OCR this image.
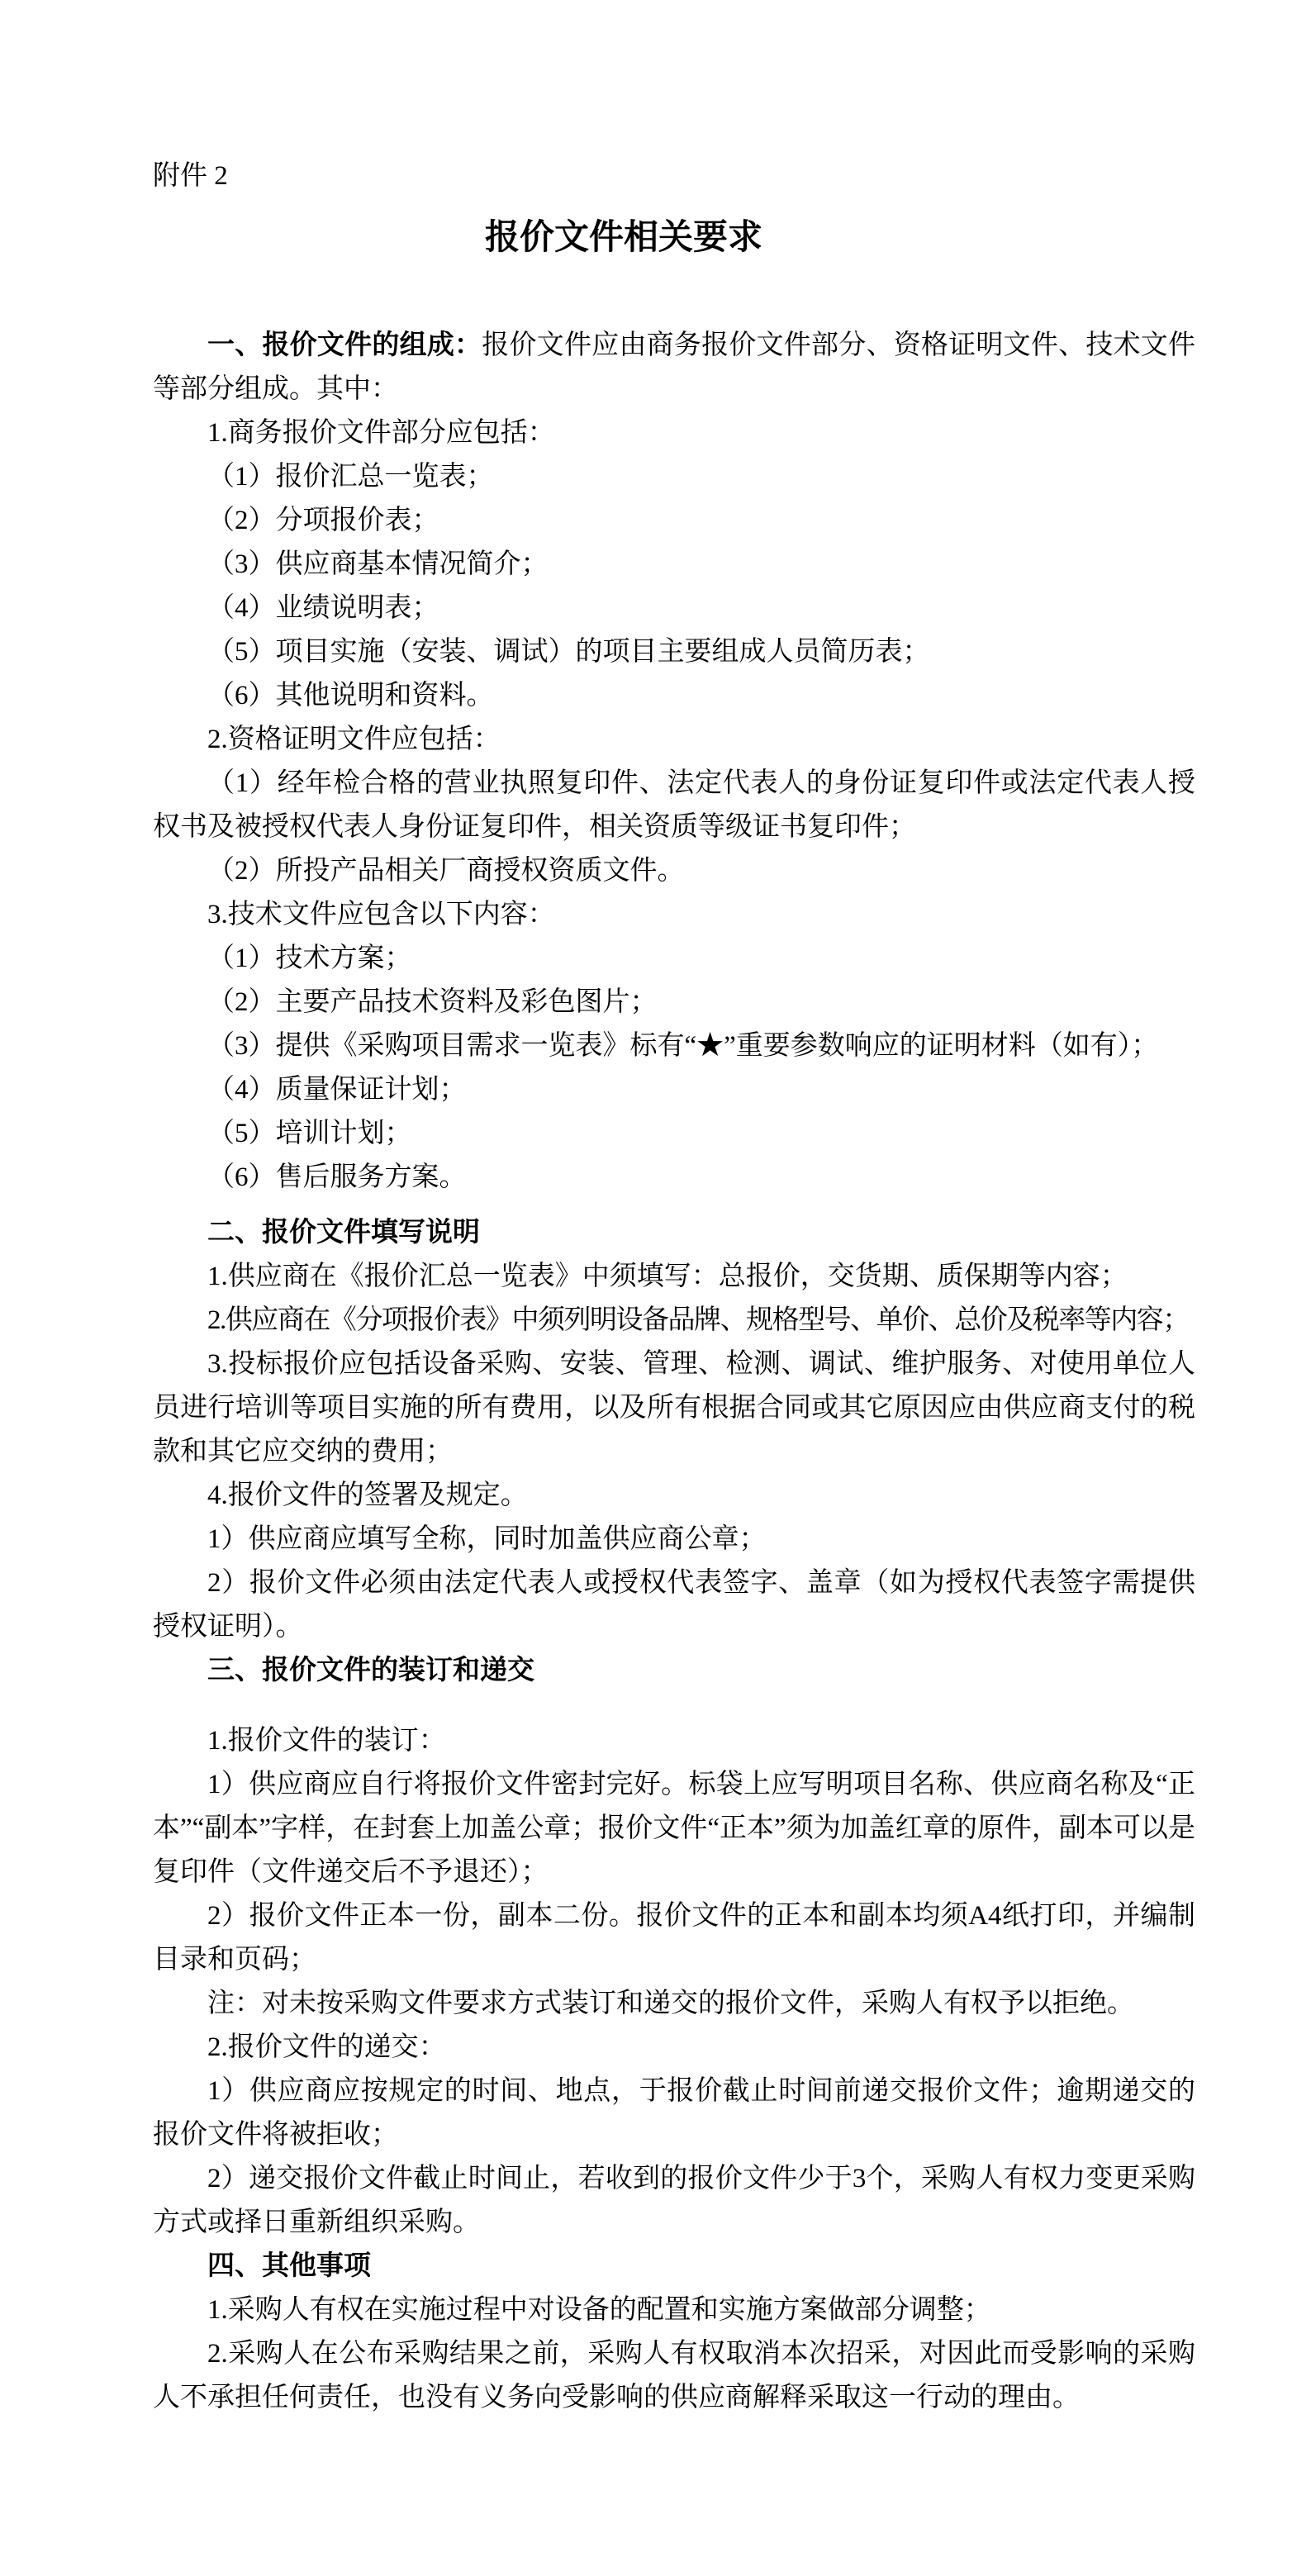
附件 2
报价文件相关要求

一、报价文件的组成：报价文件应由商务报价文件部分、资格证明文件、技术文件等部分组成。其中：

1.商务报价文件部分应包括：

（1）报价汇总一览表；

（2）分项报价表；

（3）供应商基本情况简介；

（4）业绩说明表；

（5）项目实施（安装、调试）的项目主要组成人员简历表；

（6）其他说明和资料。

2.资格证明文件应包括：

（1）经年检合格的营业执照复印件、法定代表人的身份证复印件或法定代表人授权书及被授权代表人身份证复印件，相关资质等级证书复印件；

（2）所投产品相关厂商授权资质文件。

3.技术文件应包含以下内容：

（1）技术方案；

（2）主要产品技术资料及彩色图片；

（3）提供《采购项目需求一览表》标有“★”重要参数响应的证明材料（如有）；

（4）质量保证计划；

（5）培训计划；

（6）售后服务方案。

二、报价文件填写说明

1.供应商在《报价汇总一览表》中须填写：总报价，交货期、质保期等内容；

2.供应商在《分项报价表》中须列明设备品牌、规格型号、单价、总价及税率等内容；

3.投标报价应包括设备采购、安装、管理、检测、调试、维护服务、对使用单位人员进行培训等项目实施的所有费用，以及所有根据合同或其它原因应由供应商支付的税款和其它应交纳的费用；

4.报价文件的签署及规定。

1）供应商应填写全称，同时加盖供应商公章；

2）报价文件必须由法定代表人或授权代表签字、盖章（如为授权代表签字需提供授权证明）。

三、报价文件的装订和递交

1.报价文件的装订：

1）供应商应自行将报价文件密封完好。标袋上应写明项目名称、供应商名称及“正本”“副本”字样，在封套上加盖公章；报价文件“正本”须为加盖红章的原件，副本可以是复印件（文件递交后不予退还）；

2）报价文件正本一份，副本二份。报价文件的正本和副本均须A4纸打印，并编制目录和页码；

注：对未按采购文件要求方式装订和递交的报价文件，采购人有权予以拒绝。

2.报价文件的递交：

1）供应商应按规定的时间、地点，于报价截止时间前递交报价文件；逾期递交的报价文件将被拒收；

2）递交报价文件截止时间止，若收到的报价文件少于3个，采购人有权力变更采购方式或择日重新组织采购。

四、其他事项

1.采购人有权在实施过程中对设备的配置和实施方案做部分调整；

2.采购人在公布采购结果之前，采购人有权取消本次招采，对因此而受影响的采购人不承担任何责任，也没有义务向受影响的供应商解释采取这一行动的理由。
